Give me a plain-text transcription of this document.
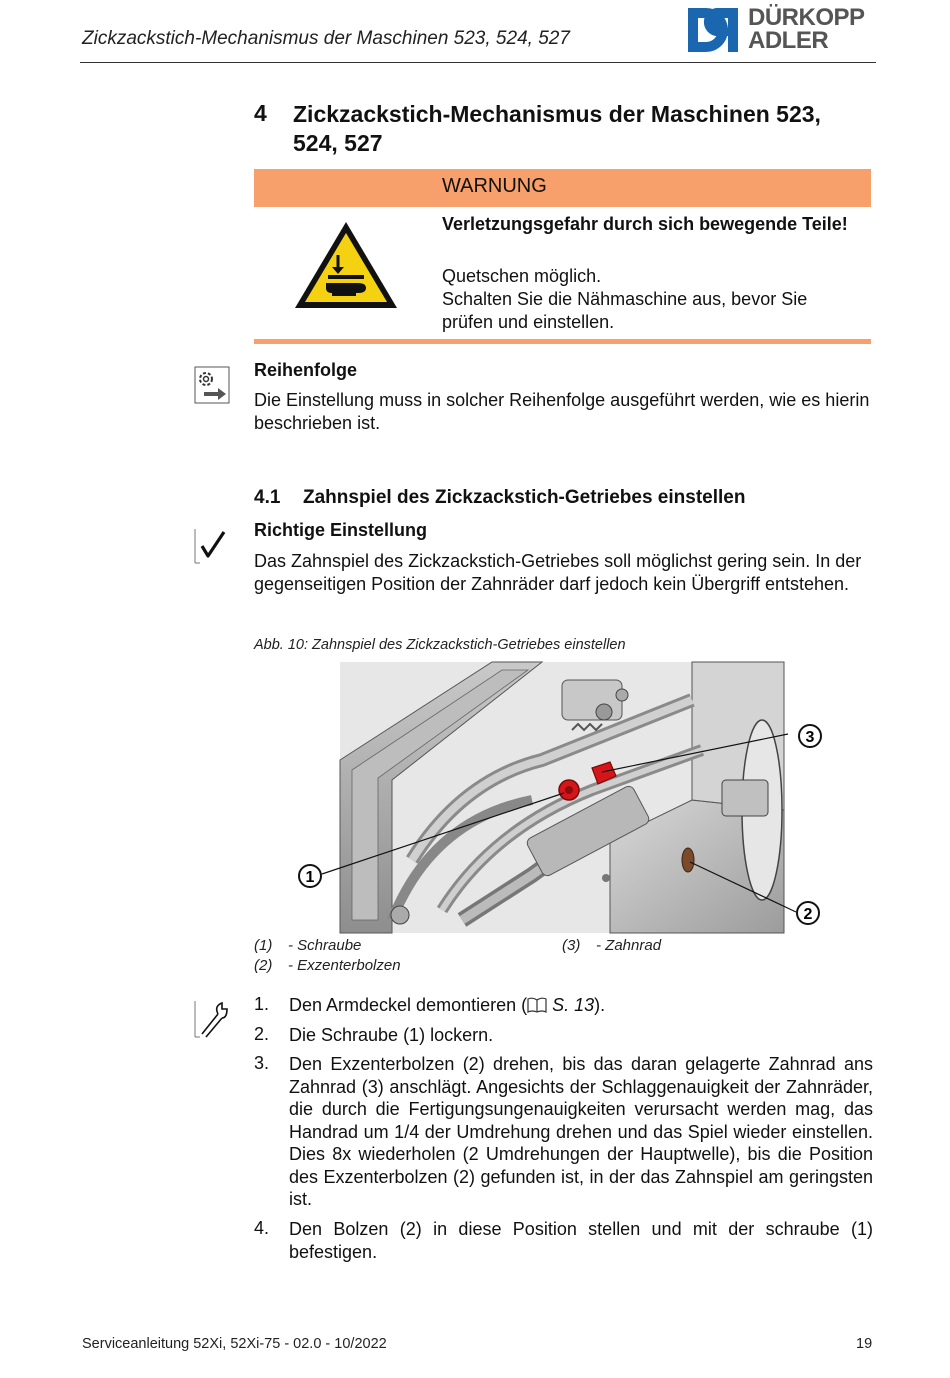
Zickzackstich-Mechanismus der Maschinen 523, 524, 527
DÜRKOPP
ADLER
4 Zickzackstich-Mechanismus der Maschinen 523, 524, 527
WARNUNG
Verletzungsgefahr durch sich bewegende Teile!
Quetschen möglich.
Schalten Sie die Nähmaschine aus, bevor Sie prüfen und einstellen.
Reihenfolge
Die Einstellung muss in solcher Reihenfolge ausgeführt werden, wie es hierin beschrieben ist.
4.1 Zahnspiel des Zickzackstich-Getriebes einstellen
Richtige Einstellung
Das Zahnspiel des Zickzackstich-Getriebes soll möglichst gering sein. In der gegenseitigen Position der Zahnräder darf jedoch kein Übergriff entstehen.
Abb. 10: Zahnspiel des Zickzackstich-Getriebes einstellen
1
3
2
(1) - Schraube
(2) - Exzenterbolzen
(3) - Zahnrad
1. Den Armdeckel demontieren ( S. 13).
2. Die Schraube (1) lockern.
3. Den Exzenterbolzen (2) drehen, bis das daran gelagerte Zahnrad ans Zahnrad (3) anschlägt. Angesichts der Schlaggenauigkeit der Zahnräder, die durch die Fertigungsungenauigkeiten verursacht werden mag, das Handrad um 1/4 der Umdrehung drehen und das Spiel wieder einstellen. Dies 8x wiederholen (2 Umdrehungen der Hauptwelle), bis die Position des Exzenterbolzen (2) gefunden ist, in der das Zahnspiel am geringsten ist.
4. Den Bolzen (2) in diese Position stellen und mit der schraube (1) befestigen.
Serviceanleitung 52Xi, 52Xi-75 - 02.0 - 10/2022	19
